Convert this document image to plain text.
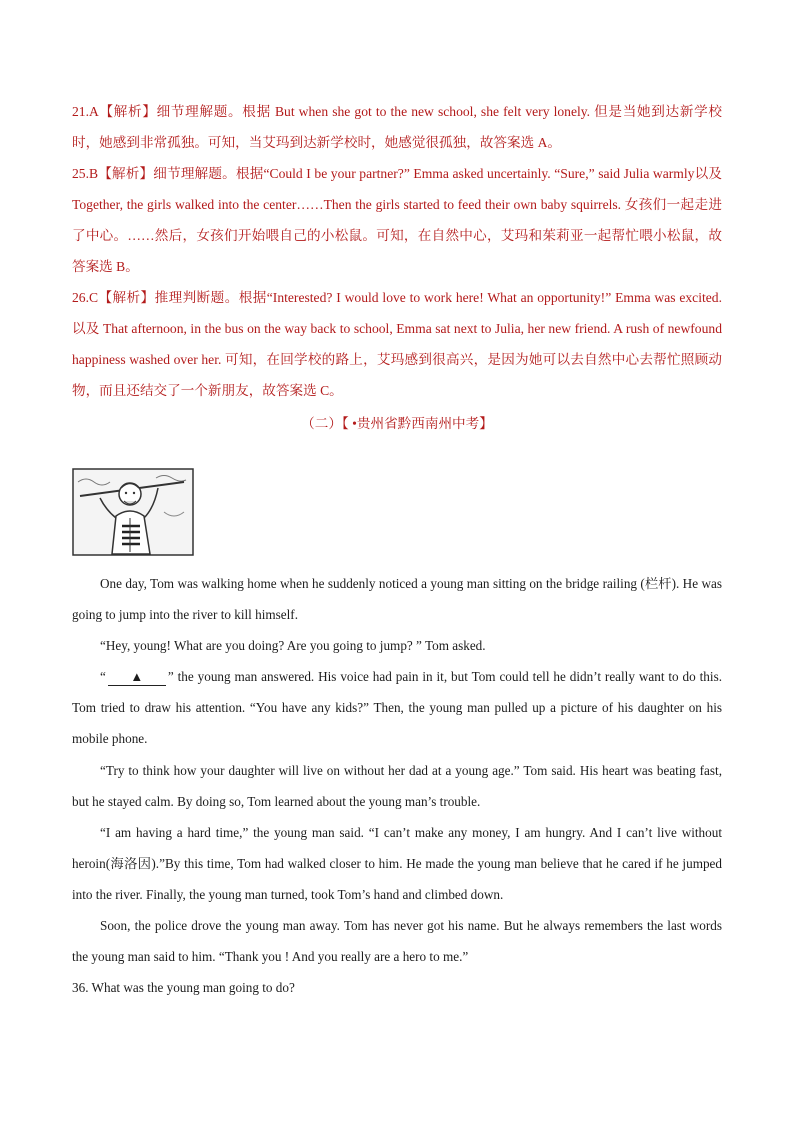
21.A【解析】细节理解题。根据 But when she got to the new school, she felt very lonely. 但是当她到达新学校时，她感到非常孤独。可知，当艾玛到达新学校时，她感觉很孤独，故答案选 A。

25.B【解析】细节理解题。根据“Could I be your partner?” Emma asked uncertainly. “Sure,” said Julia warmly以及 Together, the girls walked into the center……Then the girls started to feed their own baby squirrels. 女孩们一起走进了中心。……然后，女孩们开始喂自己的小松鼠。可知，在自然中心，艾玛和茱莉亚一起帮忙喂小松鼠，故答案选 B。

26.C【解析】推理判断题。根据“Interested? I would love to work here! What an opportunity!” Emma was excited.以及 That afternoon, in the bus on the way back to school, Emma sat next to Julia, her new friend. A rush of newfound happiness washed over her. 可知，在回学校的路上，艾玛感到很高兴，是因为她可以去自然中心去帮忙照顾动物，而且还结交了一个新朋友，故答案选 C。

（二）【 •贵州省黔西南州中考】

One day, Tom was walking home when he suddenly noticed a young man sitting on the bridge railing (栏杆). He was going to jump into the river to kill himself.

“Hey, young! What are you doing? Are you going to jump? ” Tom asked.

“ ▲ ” the young man answered. His voice had pain in it, but Tom could tell he didn’t really want to do this. Tom tried to draw his attention. “You have any kids?” Then, the young man pulled up a picture of his daughter on his mobile phone.

“Try to think how your daughter will live on without her dad at a young age.” Tom said. His heart was beating fast, but he stayed calm. By doing so, Tom learned about the young man’s trouble.

“I am having a hard time,” the young man said. “I can’t make any money, I am hungry. And I can’t live without heroin(海洛因).”By this time, Tom had walked closer to him. He made the young man believe that he cared if he jumped into the river. Finally, the young man turned, took Tom’s hand and climbed down.

Soon, the police drove the young man away. Tom has never got his name. But he always remembers the last words the young man said to him. “Thank you ! And you really are a hero to me.”

36. What was the young man going to do?
